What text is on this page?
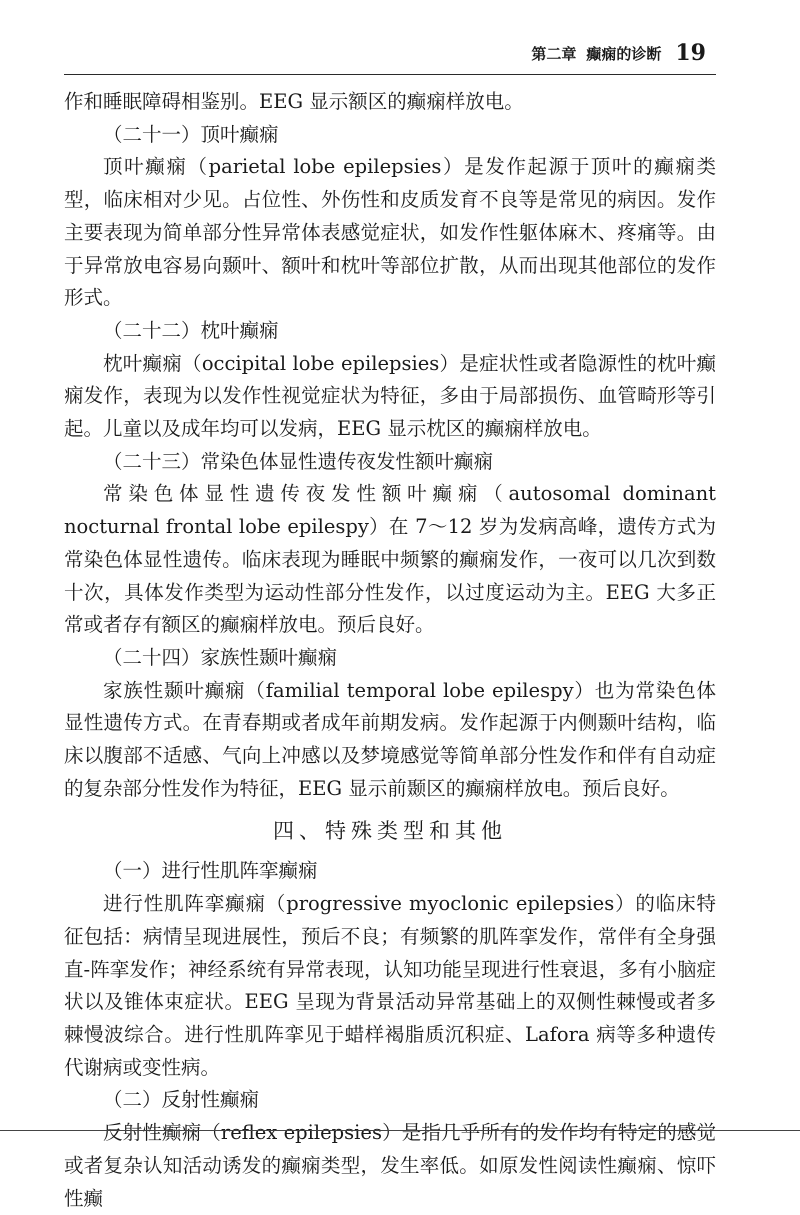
第二章 癫痫的诊断 19

作和睡眠障碍相鉴别。EEG 显示额区的癫痫样放电。

（二十一）顶叶癫痫

顶叶癫痫（parietal lobe epilepsies）是发作起源于顶叶的癫痫类型，临床相对少见。占位性、外伤性和皮质发育不良等是常见的病因。发作主要表现为简单部分性异常体表感觉症状，如发作性躯体麻木、疼痛等。由于异常放电容易向颞叶、额叶和枕叶等部位扩散，从而出现其他部位的发作形式。

（二十二）枕叶癫痫

枕叶癫痫（occipital lobe epilepsies）是症状性或者隐源性的枕叶癫痫发作，表现为以发作性视觉症状为特征，多由于局部损伤、血管畸形等引起。儿童以及成年均可以发病，EEG 显示枕区的癫痫样放电。

（二十三）常染色体显性遗传夜发性额叶癫痫

常染色体显性遗传夜发性额叶癫痫（autosomal dominant nocturnal frontal lobe epilespy）在 7～12 岁为发病高峰，遗传方式为常染色体显性遗传。临床表现为睡眠中频繁的癫痫发作，一夜可以几次到数十次，具体发作类型为运动性部分性发作，以过度运动为主。EEG 大多正常或者存有额区的癫痫样放电。预后良好。

（二十四）家族性颞叶癫痫

家族性颞叶癫痫（familial temporal lobe epilespy）也为常染色体显性遗传方式。在青春期或者成年前期发病。发作起源于内侧颞叶结构，临床以腹部不适感、气向上冲感以及梦境感觉等简单部分性发作和伴有自动症的复杂部分性发作为特征，EEG 显示前颞区的癫痫样放电。预后良好。

四、特殊类型和其他

（一）进行性肌阵挛癫痫

进行性肌阵挛癫痫（progressive myoclonic epilepsies）的临床特征包括：病情呈现进展性，预后不良；有频繁的肌阵挛发作，常伴有全身强直-阵挛发作；神经系统有异常表现，认知功能呈现进行性衰退，多有小脑症状以及锥体束症状。EEG 呈现为背景活动异常基础上的双侧性棘慢或者多棘慢波综合。进行性肌阵挛见于蜡样褐脂质沉积症、Lafora 病等多种遗传代谢病或变性病。

（二）反射性癫痫

反射性癫痫（reflex epilepsies）是指几乎所有的发作均有特定的感觉或者复杂认知活动诱发的癫痫类型，发生率低。如原发性阅读性癫痫、惊吓性癫
